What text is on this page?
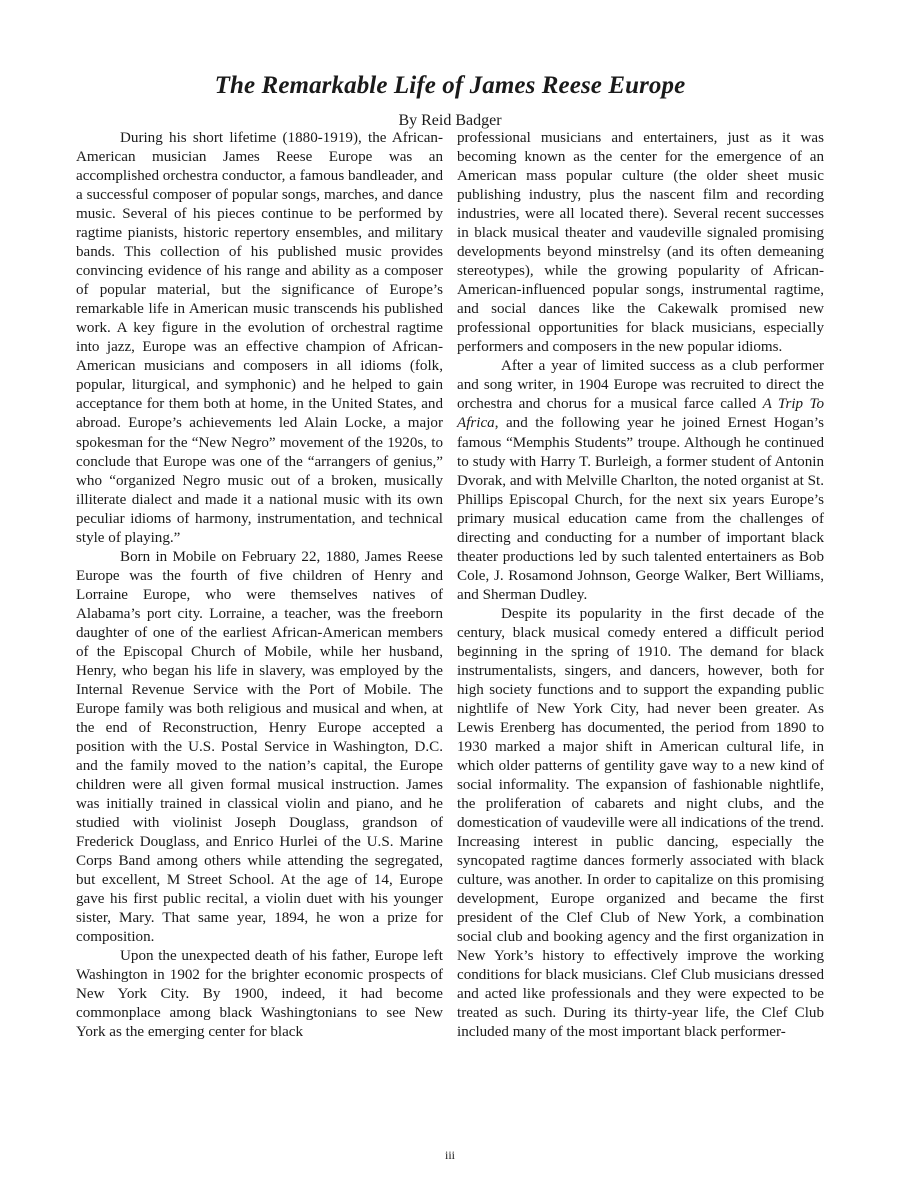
The Remarkable Life of James Reese Europe
By Reid Badger

During his short lifetime (1880-1919), the African-American musician James Reese Europe was an accomplished orchestra conductor, a famous bandleader, and a successful composer of popular songs, marches, and dance music. Several of his pieces continue to be performed by ragtime pianists, historic repertory ensembles, and military bands. This collection of his published music provides convincing evidence of his range and ability as a composer of popular material, but the significance of Europe’s remarkable life in American music transcends his published work. A key figure in the evolution of orchestral ragtime into jazz, Europe was an effective champion of African-American musicians and composers in all idioms (folk, popular, liturgical, and symphonic) and he helped to gain acceptance for them both at home, in the United States, and abroad. Europe’s achievements led Alain Locke, a major spokesman for the “New Negro” movement of the 1920s, to conclude that Europe was one of the “arrangers of genius,” who “organized Negro music out of a broken, musically illiterate dialect and made it a national music with its own peculiar idioms of harmony, instrumentation, and technical style of playing.”

Born in Mobile on February 22, 1880, James Reese Europe was the fourth of five children of Henry and Lorraine Europe, who were themselves natives of Alabama’s port city. Lorraine, a teacher, was the freeborn daughter of one of the earliest African-American members of the Episcopal Church of Mobile, while her husband, Henry, who began his life in slavery, was employed by the Internal Revenue Service with the Port of Mobile. The Europe family was both religious and musical and when, at the end of Reconstruction, Henry Europe accepted a position with the U.S. Postal Service in Washington, D.C. and the family moved to the nation’s capital, the Europe children were all given formal musical instruction. James was initially trained in classical violin and piano, and he studied with violinist Joseph Douglass, grandson of Frederick Douglass, and Enrico Hurlei of the U.S. Marine Corps Band among others while attending the segregated, but excellent, M Street School. At the age of 14, Europe gave his first public recital, a violin duet with his younger sister, Mary. That same year, 1894, he won a prize for composition.

Upon the unexpected death of his father, Europe left Washington in 1902 for the brighter economic prospects of New York City. By 1900, indeed, it had become commonplace among black Washingtonians to see New York as the emerging center for black

professional musicians and entertainers, just as it was becoming known as the center for the emergence of an American mass popular culture (the older sheet music publishing industry, plus the nascent film and recording industries, were all located there). Several recent successes in black musical theater and vaudeville signaled promising developments beyond minstrelsy (and its often demeaning stereotypes), while the growing popularity of African-American-influenced popular songs, instrumental ragtime, and social dances like the Cakewalk promised new professional opportunities for black musicians, especially performers and composers in the new popular idioms.

After a year of limited success as a club performer and song writer, in 1904 Europe was recruited to direct the orchestra and chorus for a musical farce called A Trip To Africa, and the following year he joined Ernest Hogan’s famous “Memphis Students” troupe. Although he continued to study with Harry T. Burleigh, a former student of Antonin Dvorak, and with Melville Charlton, the noted organist at St. Phillips Episcopal Church, for the next six years Europe’s primary musical education came from the challenges of directing and conducting for a number of important black theater productions led by such talented entertainers as Bob Cole, J. Rosamond Johnson, George Walker, Bert Williams, and Sherman Dudley.

Despite its popularity in the first decade of the century, black musical comedy entered a difficult period beginning in the spring of 1910. The demand for black instrumentalists, singers, and dancers, however, both for high society functions and to support the expanding public nightlife of New York City, had never been greater. As Lewis Erenberg has documented, the period from 1890 to 1930 marked a major shift in American cultural life, in which older patterns of gentility gave way to a new kind of social informality. The expansion of fashionable nightlife, the proliferation of cabarets and night clubs, and the domestication of vaudeville were all indications of the trend. Increasing interest in public dancing, especially the syncopated ragtime dances formerly associated with black culture, was another. In order to capitalize on this promising development, Europe organized and became the first president of the Clef Club of New York, a combination social club and booking agency and the first organization in New York’s history to effectively improve the working conditions for black musicians. Clef Club musicians dressed and acted like professionals and they were expected to be treated as such. During its thirty-year life, the Clef Club included many of the most important black performer-

iii
